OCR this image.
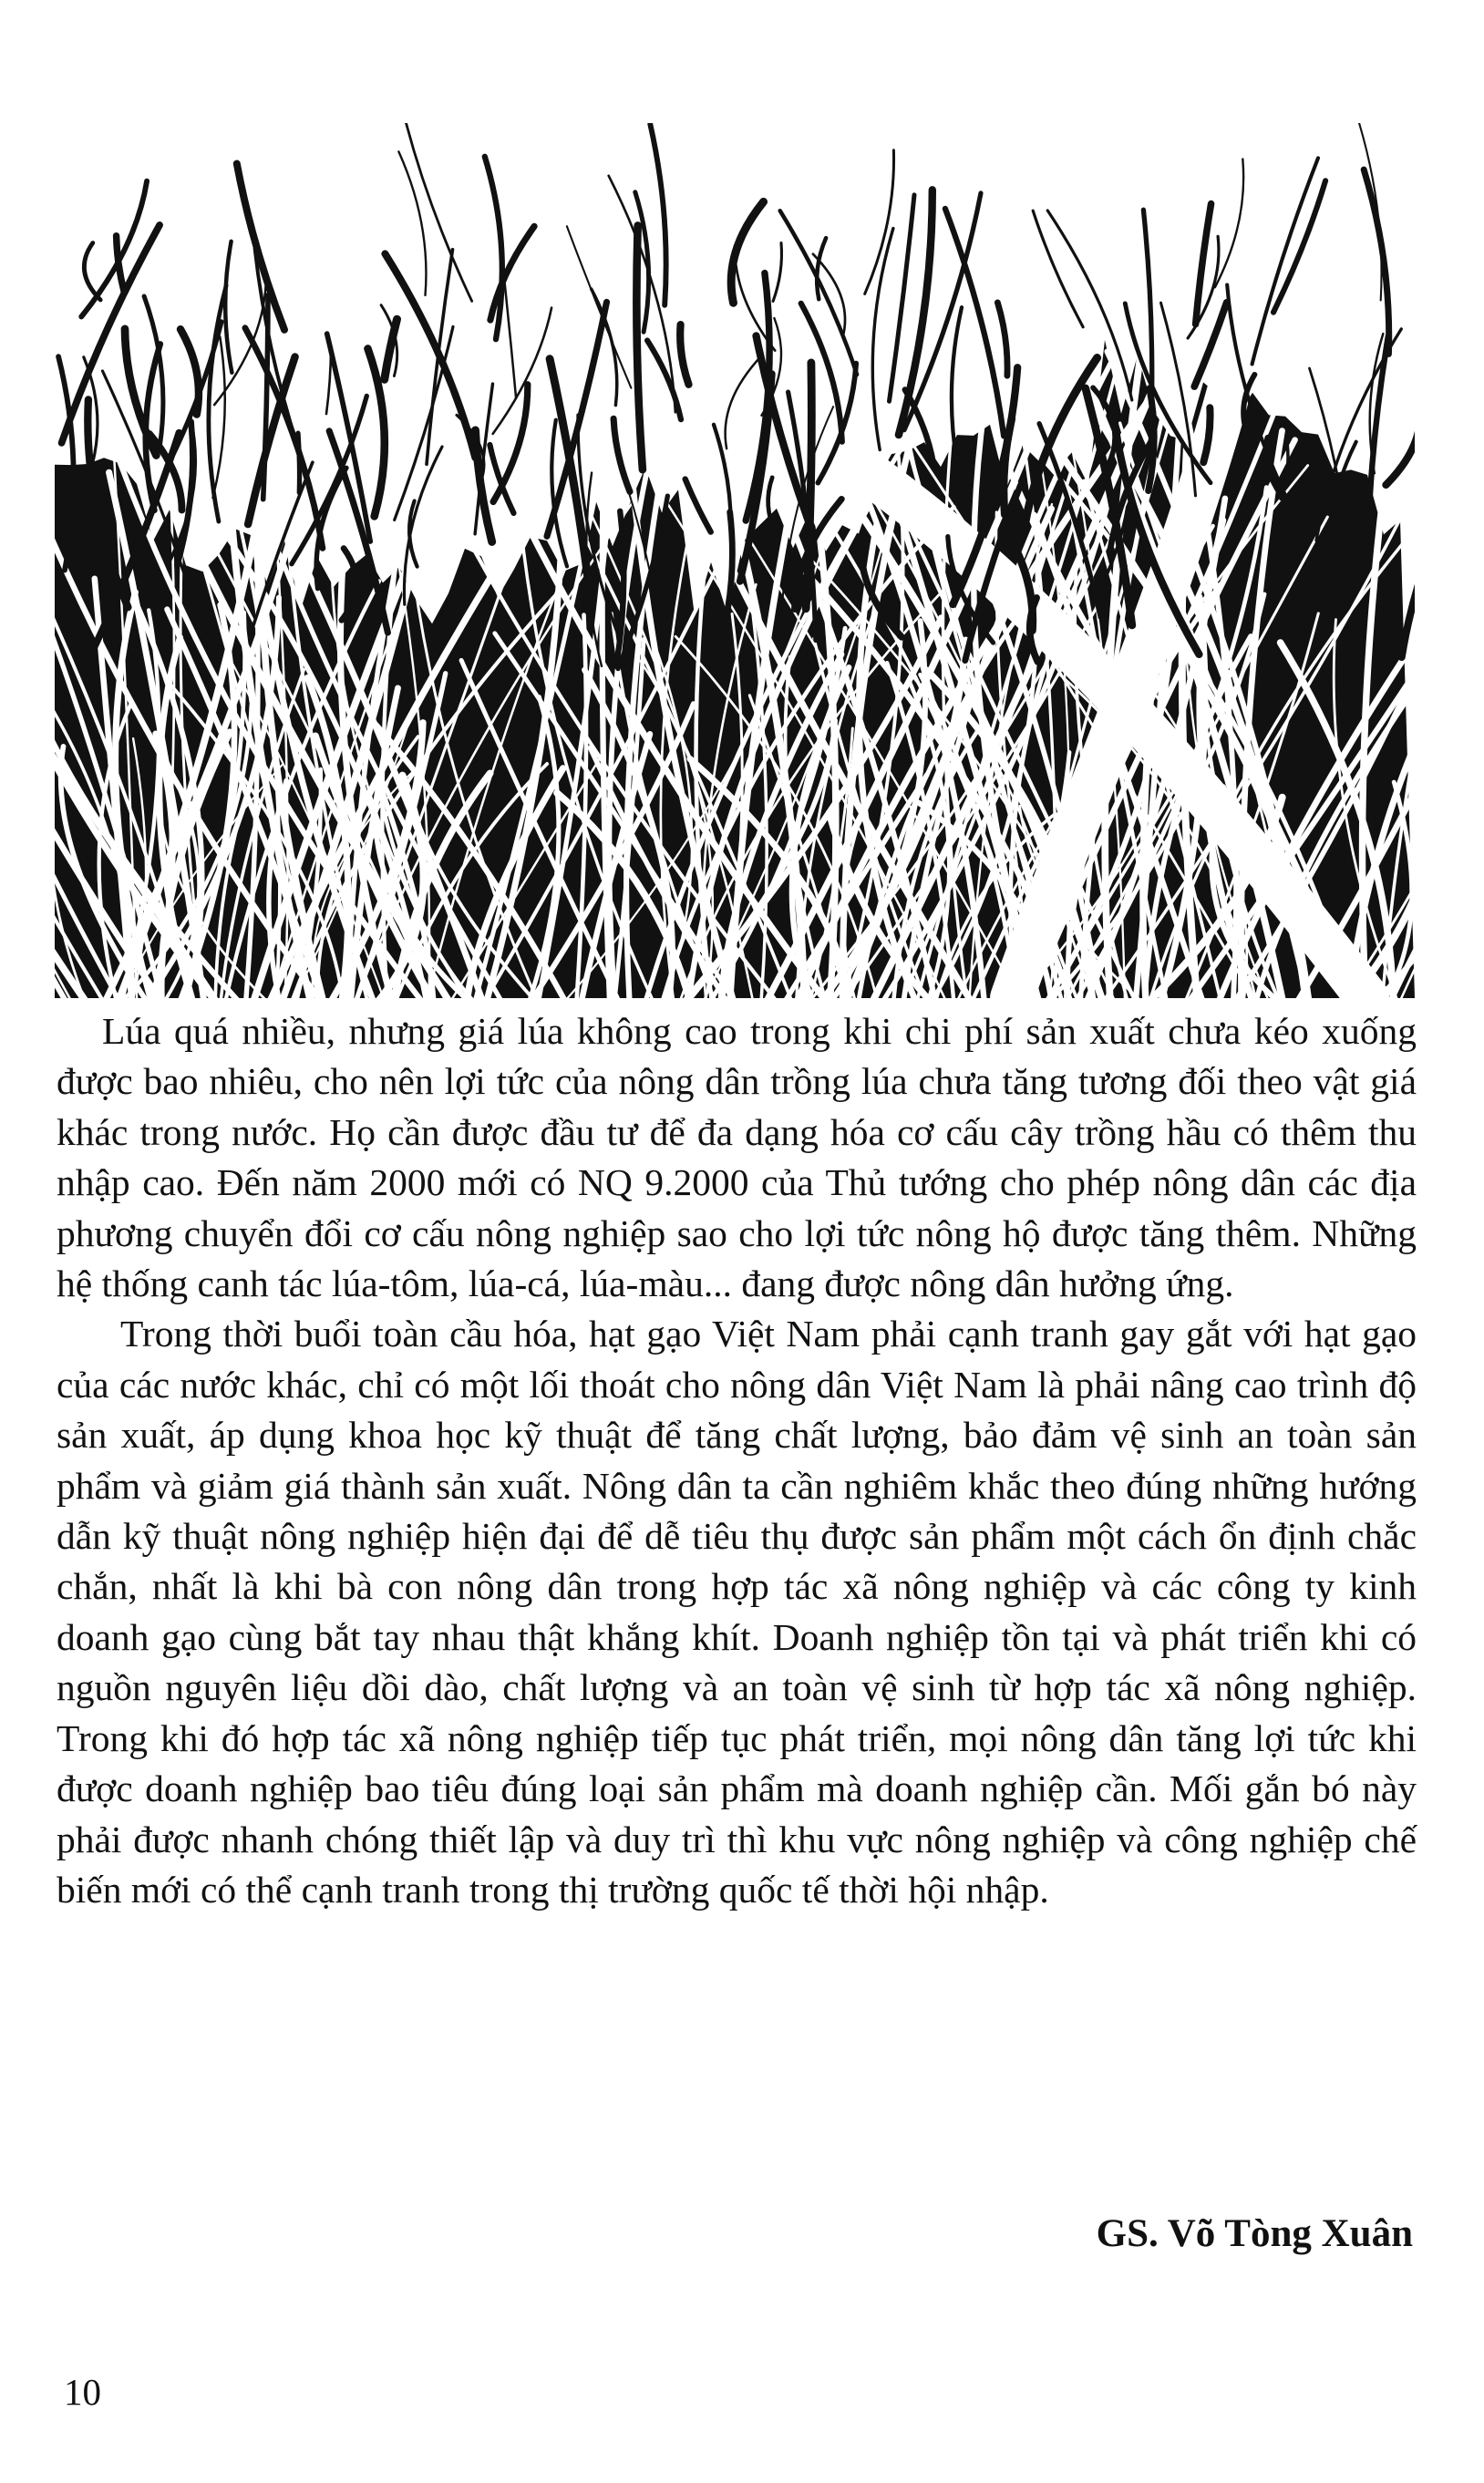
Lúa quá nhiều, nhưng giá lúa không cao trong khi chi phí sản xuất chưa kéo xuống được bao nhiêu, cho nên lợi tức của nông dân trồng lúa chưa tăng tương đối theo vật giá khác trong nước. Họ cần được đầu tư để đa dạng hóa cơ cấu cây trồng hầu có thêm thu nhập cao. Đến năm 2000 mới có NQ 9.2000 của Thủ tướng cho phép nông dân các địa phương chuyển đổi cơ cấu nông nghiệp sao cho lợi tức nông hộ được tăng thêm. Những hệ thống canh tác lúa-tôm, lúa-cá, lúa-màu... đang được nông dân hưởng ứng.

Trong thời buổi toàn cầu hóa, hạt gạo Việt Nam phải cạnh tranh gay gắt với hạt gạo của các nước khác, chỉ có một lối thoát cho nông dân Việt Nam là phải nâng cao trình độ sản xuất, áp dụng khoa học kỹ thuật để tăng chất lượng, bảo đảm vệ sinh an toàn sản phẩm và giảm giá thành sản xuất. Nông dân ta cần nghiêm khắc theo đúng những hướng dẫn kỹ thuật nông nghiệp hiện đại để dễ tiêu thụ được sản phẩm một cách ổn định chắc chắn, nhất là khi bà con nông dân trong hợp tác xã nông nghiệp và các công ty kinh doanh gạo cùng bắt tay nhau thật khắng khít. Doanh nghiệp tồn tại và phát triển khi có nguồn nguyên liệu dồi dào, chất lượng và an toàn vệ sinh từ hợp tác xã nông nghiệp. Trong khi đó hợp tác xã nông nghiệp tiếp tục phát triển, mọi nông dân tăng lợi tức khi được doanh nghiệp bao tiêu đúng loại sản phẩm mà doanh nghiệp cần. Mối gắn bó này phải được nhanh chóng thiết lập và duy trì thì khu vực nông nghiệp và công nghiệp chế biến mới có thể cạnh tranh trong thị trường quốc tế thời hội nhập.

GS. Võ Tòng Xuân
10
